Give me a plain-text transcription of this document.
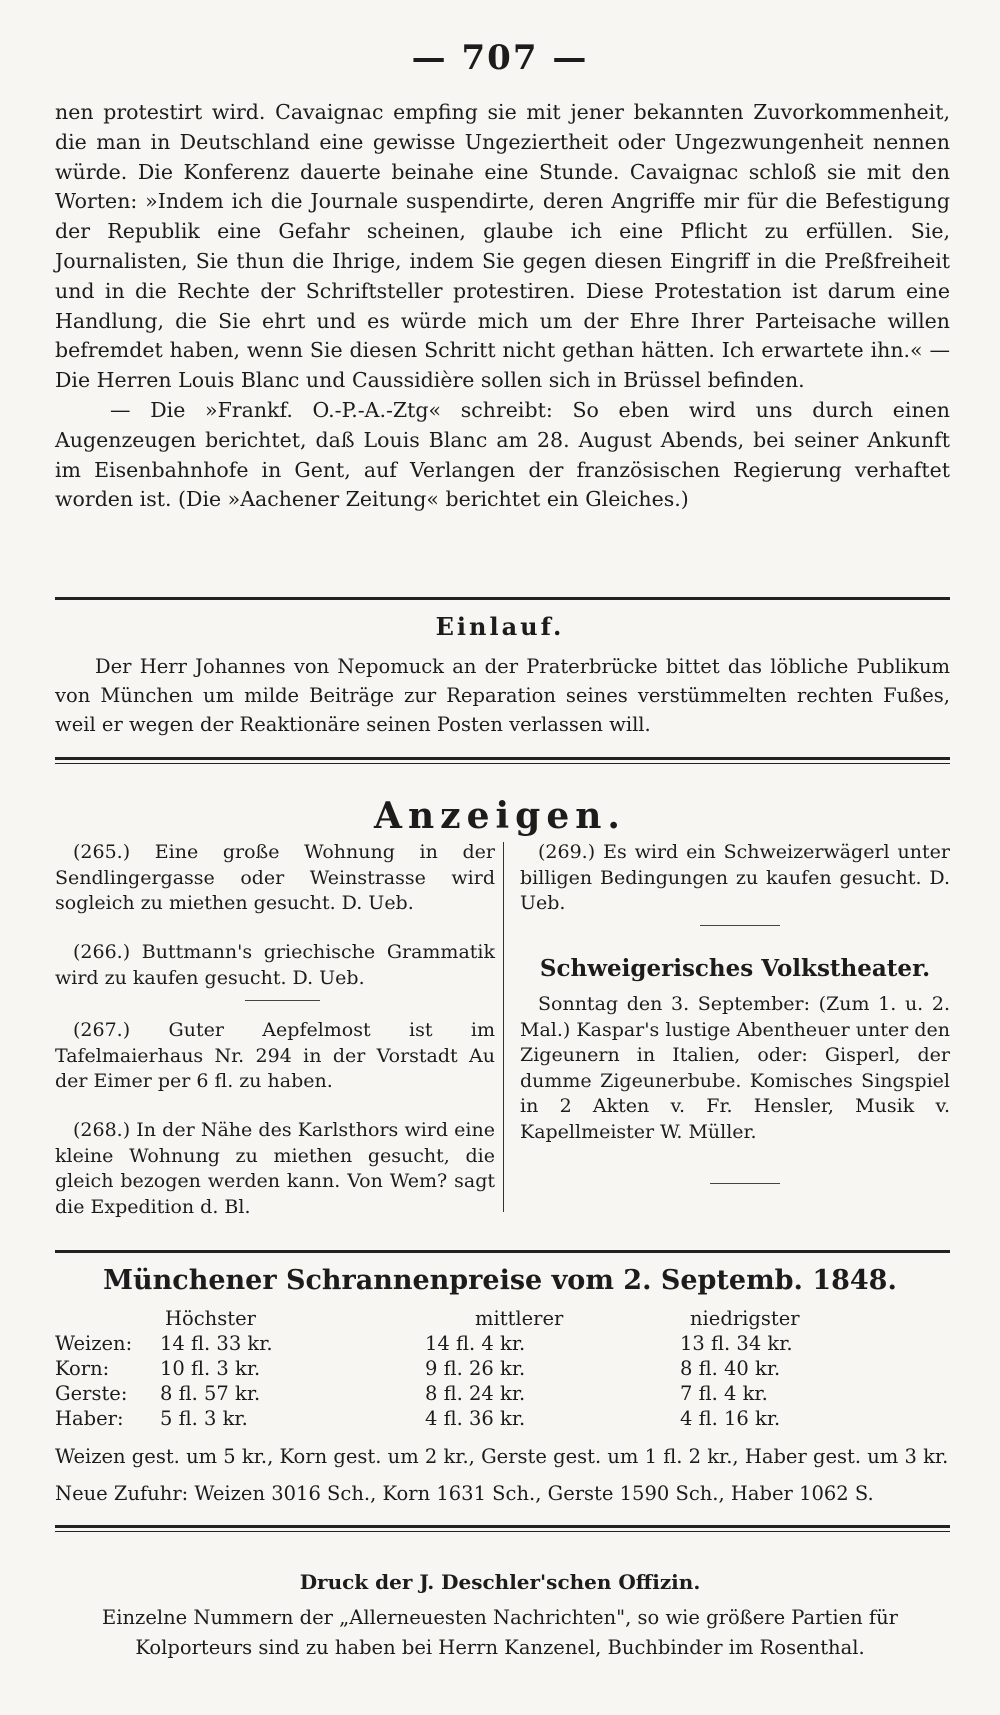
— 707 —

nen protestirt wird. Cavaignac empfing sie mit jener bekannten Zuvorkommenheit, die man in Deutschland eine gewisse Ungeziertheit oder Ungezwungenheit nennen würde. Die Konferenz dauerte beinahe eine Stunde. Cavaignac schloß sie mit den Worten: »Indem ich die Journale suspendirte, deren Angriffe mir für die Befestigung der Republik eine Gefahr scheinen, glaube ich eine Pflicht zu erfüllen. Sie, Journalisten, Sie thun die Ihrige, indem Sie gegen diesen Eingriff in die Preßfreiheit und in die Rechte der Schriftsteller protestiren. Diese Protestation ist darum eine Handlung, die Sie ehrt und es würde mich um der Ehre Ihrer Parteisache willen befremdet haben, wenn Sie diesen Schritt nicht gethan hätten. Ich erwartete ihn.« — Die Herren Louis Blanc und Caussidière sollen sich in Brüssel befinden.

— Die »Frankf. O.-P.-A.-Ztg« schreibt: So eben wird uns durch einen Augenzeugen berichtet, daß Louis Blanc am 28. August Abends, bei seiner Ankunft im Eisenbahnhofe in Gent, auf Verlangen der französischen Regierung verhaftet worden ist. (Die »Aachener Zeitung« berichtet ein Gleiches.)

Einlauf.

Der Herr Johannes von Nepomuck an der Praterbrücke bittet das löbliche Publikum von München um milde Beiträge zur Reparation seines verstümmelten rechten Fußes, weil er wegen der Reaktionäre seinen Posten verlassen will.

Anzeigen.

(265.) Eine große Wohnung in der Sendlingergasse oder Weinstrasse wird sogleich zu miethen gesucht. D. Ueb.

(266.) Buttmann's griechische Grammatik wird zu kaufen gesucht. D. Ueb.

(267.) Guter Aepfelmost ist im Tafelmaierhaus Nr. 294 in der Vorstadt Au der Eimer per 6 fl. zu haben.

(268.) In der Nähe des Karlsthors wird eine kleine Wohnung zu miethen gesucht, die gleich bezogen werden kann. Von Wem? sagt die Expedition d. Bl.

(269.) Es wird ein Schweizerwägerl unter billigen Bedingungen zu kaufen gesucht. D. Ueb.

Schweigerisches Volkstheater.

Sonntag den 3. September: (Zum 1. u. 2. Mal.) Kaspar's lustige Abentheuer unter den Zigeunern in Italien, oder: Gisperl, der dumme Zigeunerbube. Komisches Singspiel in 2 Akten v. Fr. Hensler, Musik v. Kapellmeister W. Müller.

Münchener Schrannenpreise vom 2. Septemb. 1848.
Höchster	mittlerer	niedrigster
Weizen: 14 fl. 33 kr.	14 fl. 4 kr.	13 fl. 34 kr.
Korn:	10 fl. 3 kr.	9 fl. 26 kr.	8 fl. 40 kr.
Gerste: 8 fl. 57 kr.	8 fl. 24 kr.	7 fl. 4 kr.
Haber: 5 fl. 3 kr.	4 fl. 36 kr.	4 fl. 16 kr.
Weizen gest. um 5 kr., Korn gest. um 2 kr., Gerste gest. um 1 fl. 2 kr., Haber gest. um 3 kr.
Neue Zufuhr: Weizen 3016 Sch., Korn 1631 Sch., Gerste 1590 Sch., Haber 1062 S.
Druck der J. Deschler'schen Offizin.
Einzelne Nummern der „Allerneuesten Nachrichten", so wie größere Partien für Kolporteurs sind zu haben bei Herrn Kanzenel, Buchbinder im Rosenthal.
